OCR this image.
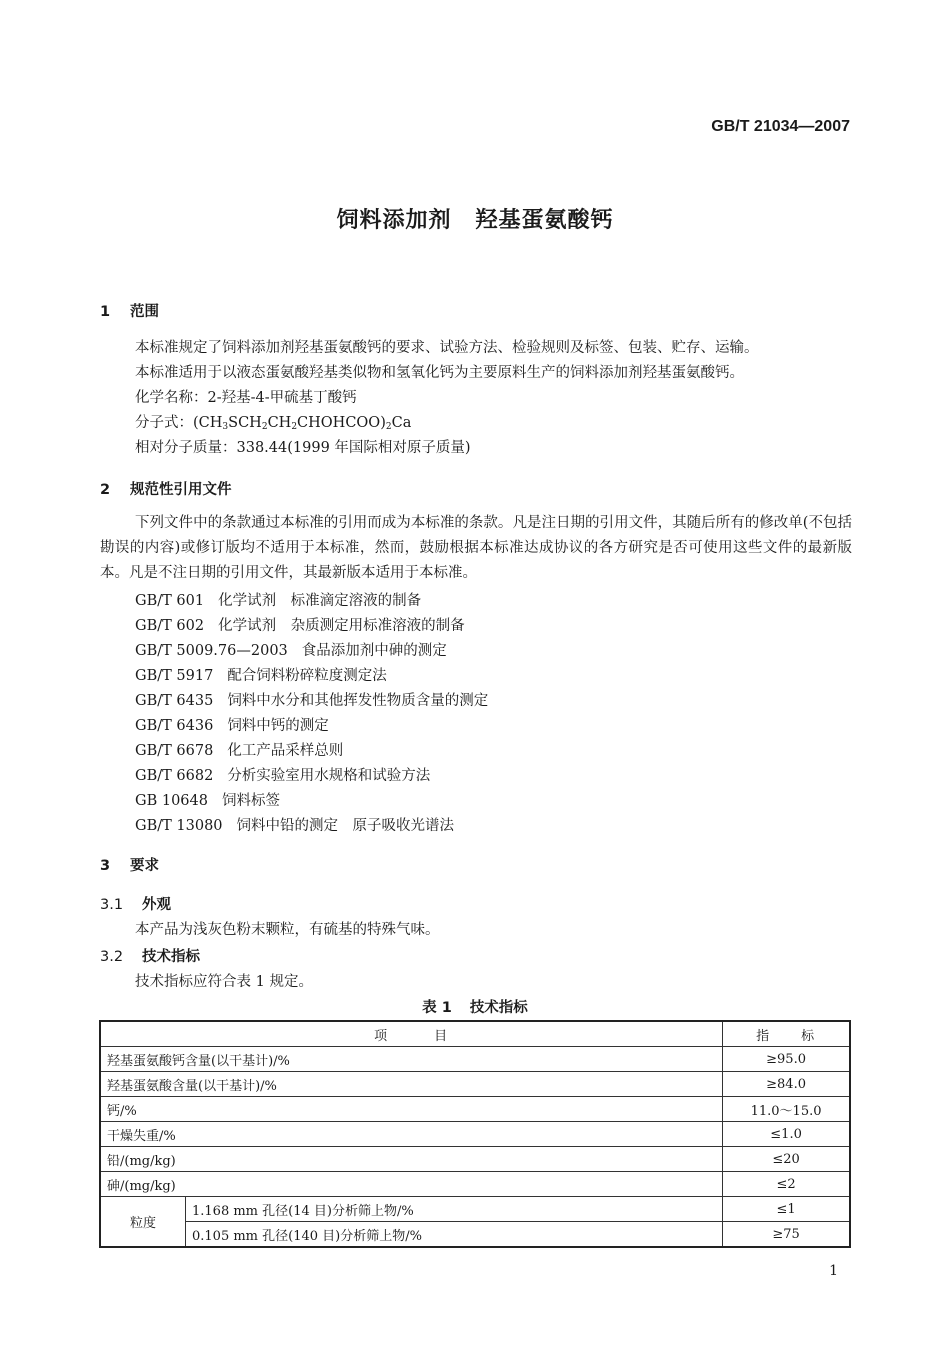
GB/T 21034—2007
饲料添加剂 羟基蛋氨酸钙
1 范围
本标准规定了饲料添加剂羟基蛋氨酸钙的要求、试验方法、检验规则及标签、包装、贮存、运输。
本标准适用于以液态蛋氨酸羟基类似物和氢氧化钙为主要原料生产的饲料添加剂羟基蛋氨酸钙。
化学名称：2-羟基-4-甲硫基丁酸钙
分子式：$(CH_3SCH_2CH_2CHOHCOO)_2Ca$
相对分子质量：338.44(1999 年国际相对原子质量)
2 规范性引用文件
下列文件中的条款通过本标准的引用而成为本标准的条款。凡是注日期的引用文件，其随后所有的修改单(不包括勘误的内容)或修订版均不适用于本标准，然而，鼓励根据本标准达成协议的各方研究是否可使用这些文件的最新版本。凡是不注日期的引用文件，其最新版本适用于本标准。
GB/T 601 化学试剂　标准滴定溶液的制备
GB/T 602 化学试剂　杂质测定用标准溶液的制备
GB/T 5009.76—2003 食品添加剂中砷的测定
GB/T 5917 配合饲料粉碎粒度测定法
GB/T 6435 饲料中水分和其他挥发性物质含量的测定
GB/T 6436 饲料中钙的测定
GB/T 6678 化工产品采样总则
GB/T 6682 分析实验室用水规格和试验方法
GB 10648 饲料标签
GB/T 13080 饲料中铅的测定　原子吸收光谱法
3 要求
3.1 外观
本产品为浅灰色粉末颗粒，有硫基的特殊气味。
3.2 技术指标
技术指标应符合表 1 规定。
表 1 技术指标
项　　　目		指　　标
羟基蛋氨酸钙含量(以干基计)/%		≥95.0
羟基蛋氨酸含量(以干基计)/%		≥84.0
钙/%		11.0～15.0
干燥失重/%		≤1.0
铅/(mg/kg)		≤20
砷/(mg/kg)		≤2
粒度	1.168 mm 孔径(14 目)分析筛上物/%	≤1
	0.105 mm 孔径(140 目)分析筛上物/%	≥75
1
